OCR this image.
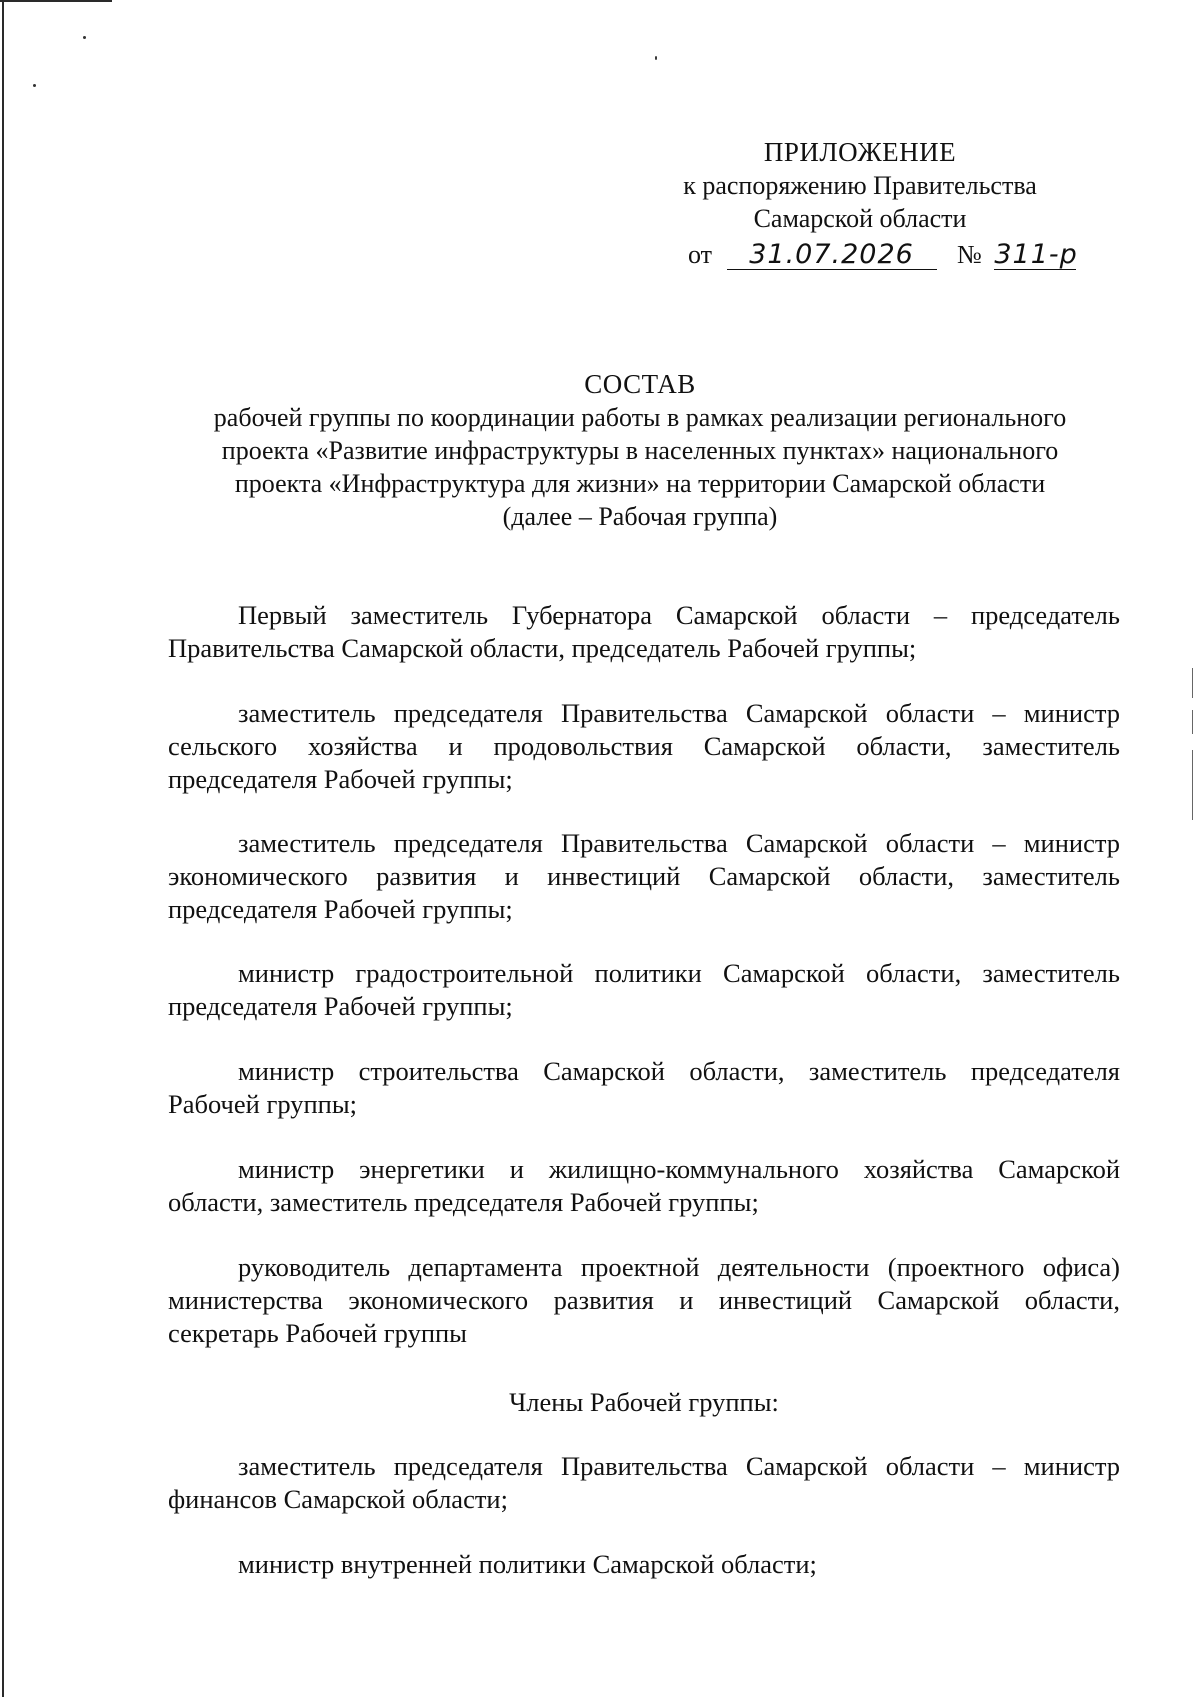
ПРИЛОЖЕНИЕ
к распоряжению Правительства
Самарской области
от 31.07.2026 № 311-р
СОСТАВ
рабочей группы по координации работы в рамках реализации регионального
проекта «Развитие инфраструктуры в населенных пунктах» национального
проекта «Инфраструктура для жизни» на территории Самарской области
(далее – Рабочая группа)
Первый заместитель Губернатора Самарской области – председатель Правительства Самарской области, председатель Рабочей группы;
заместитель председателя Правительства Самарской области – министр сельского хозяйства и продовольствия Самарской области, заместитель председателя Рабочей группы;
заместитель председателя Правительства Самарской области – министр экономического развития и инвестиций Самарской области, заместитель председателя Рабочей группы;
министр градостроительной политики Самарской области, заместитель председателя Рабочей группы;
министр строительства Самарской области, заместитель председателя Рабочей группы;
министр энергетики и жилищно-коммунального хозяйства Самарской области, заместитель председателя Рабочей группы;
руководитель департамента проектной деятельности (проектного офиса) министерства экономического развития и инвестиций Самарской области, секретарь Рабочей группы
Члены Рабочей группы:
заместитель председателя Правительства Самарской области – министр финансов Самарской области;
министр внутренней политики Самарской области;
